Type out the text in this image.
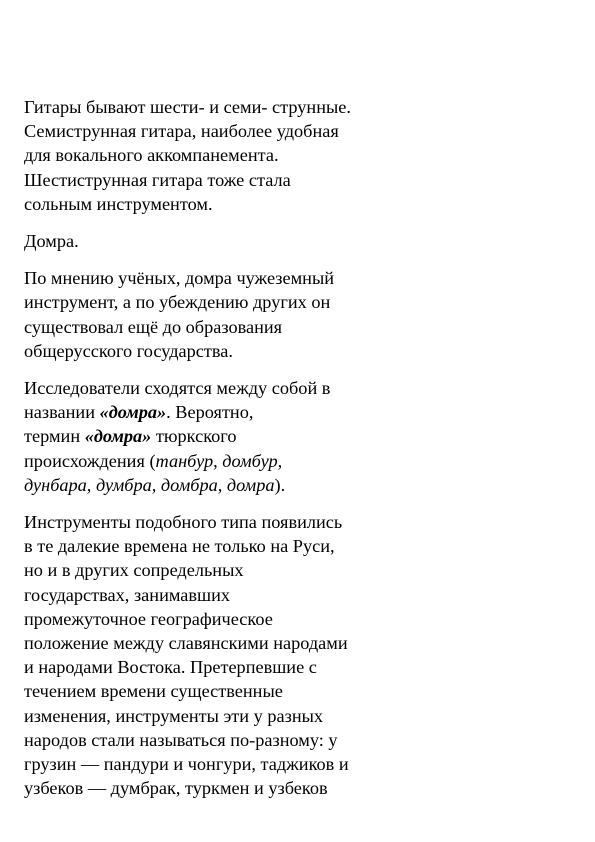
Гитары бывают шести- и семи- струнные.
Семиструнная гитара, наиболее удобная
для вокального аккомпанемента.
Шестиструнная гитара тоже стала
сольным инструментом.

Домра.

По мнению учёных, домра чужеземный
инструмент, а по убеждению других он
существовал ещё до образования
общерусского государства.

Исследователи сходятся между собой в
названии «домра». Вероятно,
термин «домра» тюркского
происхождения (танбур, домбур,
дунбара, думбра, домбра, домра).

Инструменты подобного типа появились
в те далекие времена не только на Руси,
но и в других сопредельных
государствах, занимавших
промежуточное географическое
положение между славянскими народами
и народами Востока. Претерпевшие с
течением времени существенные
изменения, инструменты эти у разных
народов стали называться по-разному: у
грузин — пандури и чонгури, таджиков и
узбеков — думбрак, туркмен и узбеков
